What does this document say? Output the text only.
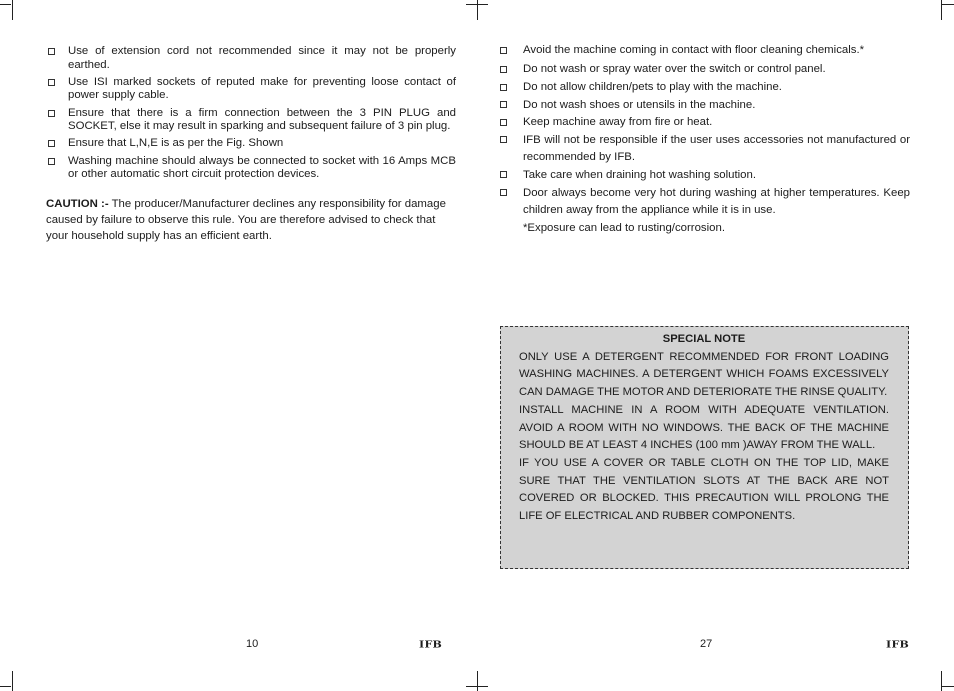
Use of extension cord not recommended since it may not be properly earthed.
Use ISI marked sockets of reputed make for preventing loose contact of power supply cable.
Ensure that there is a firm connection between the 3 PIN PLUG and SOCKET, else it may result in sparking and subsequent failure of 3 pin plug.
Ensure that L,N,E is as per the Fig. Shown
Washing machine should always be connected to socket with 16 Amps MCB or other automatic short circuit protection devices.
CAUTION :- The producer/Manufacturer declines any responsibility for damage caused by failure to observe this rule. You are therefore advised to check that your household supply has an efficient earth.
Avoid the machine coming in contact with floor cleaning chemicals.*
Do not wash or spray water over the switch or control panel.
Do not allow children/pets to play with the machine.
Do not wash shoes or utensils in the machine.
Keep machine away from fire or heat.
IFB will not be responsible if the user uses accessories not manufactured or recommended by IFB.
Take care when draining hot washing solution.
Door always become very hot during washing at higher temperatures. Keep children away from the appliance while it is in use.
*Exposure can lead to rusting/corrosion.
SPECIAL NOTE

ONLY USE A DETERGENT RECOMMENDED FOR FRONT LOADING WASHING MACHINES. A DETERGENT WHICH FOAMS EXCESSIVELY CAN DAMAGE THE MOTOR AND DETERIORATE THE RINSE QUALITY.

INSTALL MACHINE IN A ROOM WITH ADEQUATE VENTILATION. AVOID A ROOM WITH NO WINDOWS. THE BACK OF THE MACHINE SHOULD BE AT LEAST 4 INCHES (100 mm )AWAY FROM THE WALL.

IF YOU USE A COVER OR TABLE CLOTH ON THE TOP LID, MAKE SURE THAT THE VENTILATION SLOTS AT THE BACK ARE NOT COVERED OR BLOCKED. THIS PRECAUTION WILL PROLONG THE LIFE OF ELECTRICAL AND RUBBER COMPONENTS.

10	IFB	27	IFB
